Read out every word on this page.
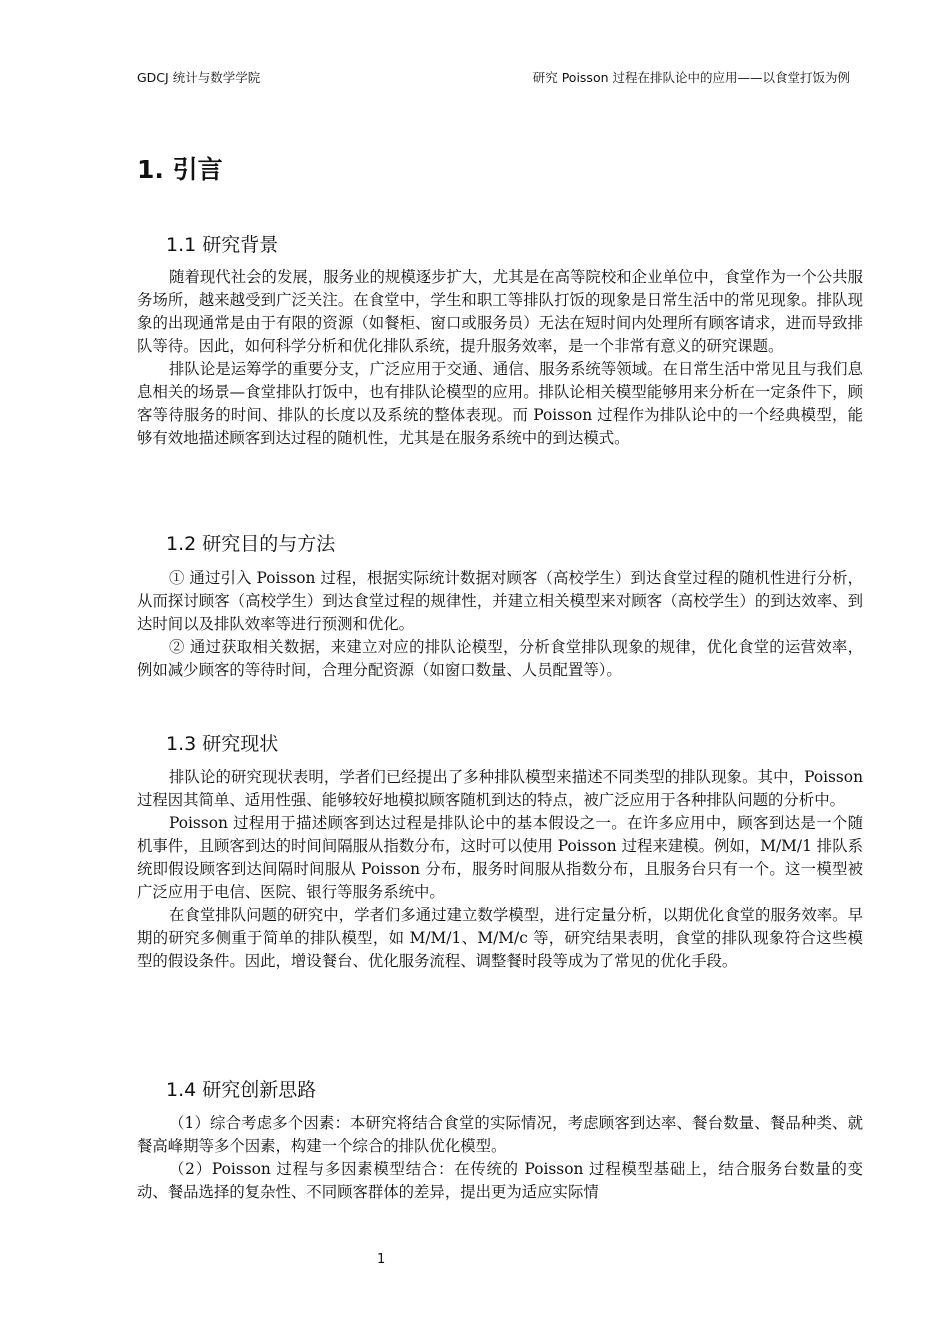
GDCJ 统计与数学学院	研究 Poisson 过程在排队论中的应用——以食堂打饭为例
1. 引言
1.1 研究背景

随着现代社会的发展，服务业的规模逐步扩大，尤其是在高等院校和企业单位中，食堂作为一个公共服务场所，越来越受到广泛关注。在食堂中，学生和职工等排队打饭的现象是日常生活中的常见现象。排队现象的出现通常是由于有限的资源（如餐柜、窗口或服务员）无法在短时间内处理所有顾客请求，进而导致排队等待。因此，如何科学分析和优化排队系统，提升服务效率，是一个非常有意义的研究课题。

排队论是运筹学的重要分支，广泛应用于交通、通信、服务系统等领域。在日常生活中常见且与我们息息相关的场景—食堂排队打饭中，也有排队论模型的应用。排队论相关模型能够用来分析在一定条件下，顾客等待服务的时间、排队的长度以及系统的整体表现。而 Poisson 过程作为排队论中的一个经典模型，能够有效地描述顾客到达过程的随机性，尤其是在服务系统中的到达模式。

1.2 研究目的与方法

① 通过引入 Poisson 过程，根据实际统计数据对顾客（高校学生）到达食堂过程的随机性进行分析，从而探讨顾客（高校学生）到达食堂过程的规律性，并建立相关模型来对顾客（高校学生）的到达效率、到达时间以及排队效率等进行预测和优化。

② 通过获取相关数据，来建立对应的排队论模型，分析食堂排队现象的规律，优化食堂的运营效率，例如减少顾客的等待时间，合理分配资源（如窗口数量、人员配置等）。

1.3 研究现状

排队论的研究现状表明，学者们已经提出了多种排队模型来描述不同类型的排队现象。其中，Poisson 过程因其简单、适用性强、能够较好地模拟顾客随机到达的特点，被广泛应用于各种排队问题的分析中。

Poisson 过程用于描述顾客到达过程是排队论中的基本假设之一。在许多应用中，顾客到达是一个随机事件，且顾客到达的时间间隔服从指数分布，这时可以使用 Poisson 过程来建模。例如，M/M/1 排队系统即假设顾客到达间隔时间服从 Poisson 分布，服务时间服从指数分布，且服务台只有一个。这一模型被广泛应用于电信、医院、银行等服务系统中。

在食堂排队问题的研究中，学者们多通过建立数学模型，进行定量分析，以期优化食堂的服务效率。早期的研究多侧重于简单的排队模型，如 M/M/1、M/M/c 等，研究结果表明，食堂的排队现象符合这些模型的假设条件。因此，增设餐台、优化服务流程、调整餐时段等成为了常见的优化手段。

1.4 研究创新思路

（1）综合考虑多个因素：本研究将结合食堂的实际情况，考虑顾客到达率、餐台数量、餐品种类、就餐高峰期等多个因素，构建一个综合的排队优化模型。

（2）Poisson 过程与多因素模型结合：在传统的 Poisson 过程模型基础上，结合服务台数量的变动、餐品选择的复杂性、不同顾客群体的差异，提出更为适应实际情

1
